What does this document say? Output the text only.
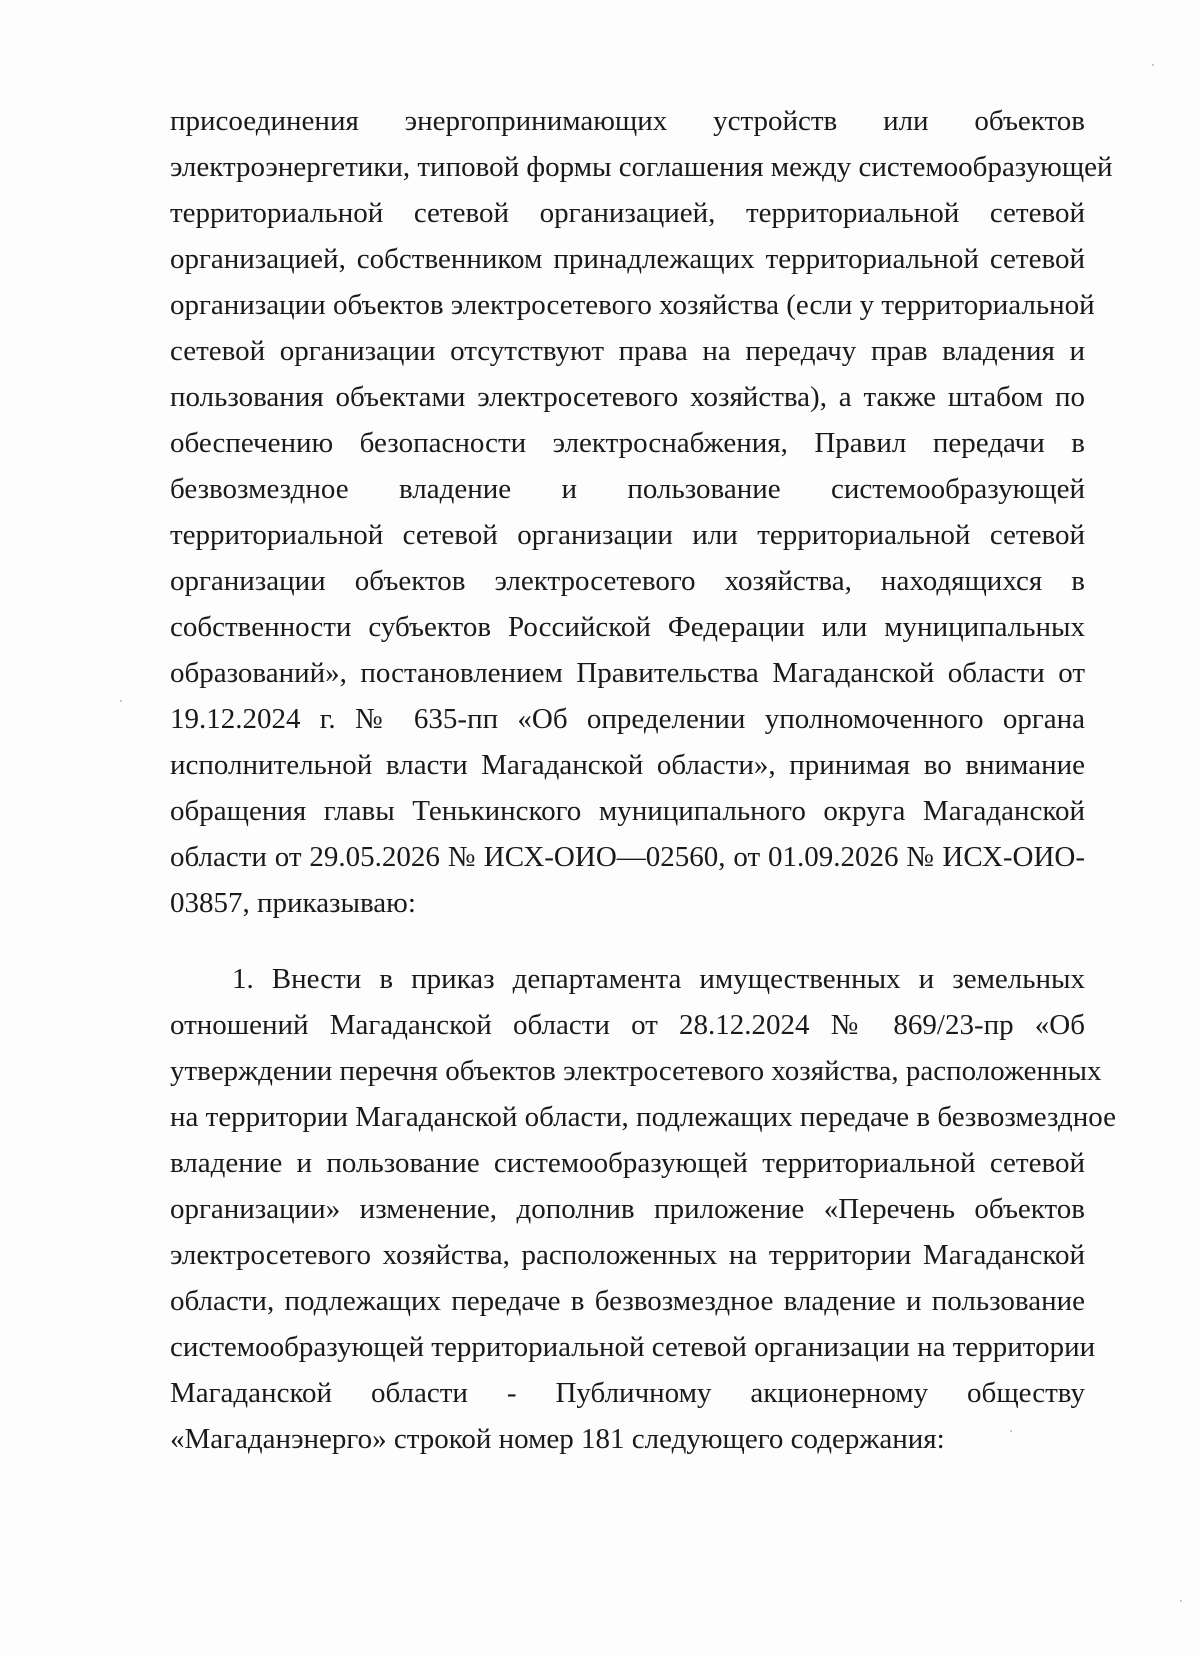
присоединения энергопринимающих устройств или объектов
электроэнергетики, типовой формы соглашения между системообразующей
территориальной сетевой организацией, территориальной сетевой
организацией, собственником принадлежащих территориальной сетевой
организации объектов электросетевого хозяйства (если у территориальной
сетевой организации отсутствуют права на передачу прав владения и
пользования объектами электросетевого хозяйства), а также штабом по
обеспечению безопасности электроснабжения, Правил передачи в
безвозмездное владение и пользование системообразующей
территориальной сетевой организации или территориальной сетевой
организации объектов электросетевого хозяйства, находящихся в
собственности субъектов Российской Федерации или муниципальных
образований», постановлением Правительства Магаданской области от
19.12.2024 г. № 635-пп «Об определении уполномоченного органа
исполнительной власти Магаданской области», принимая во внимание
обращения главы Тенькинского муниципального округа Магаданской
области от 29.05.2026 № ИСХ-ОИО—02560, от 01.09.2026 № ИСХ-ОИО-
03857, приказываю:
1. Внести в приказ департамента имущественных и земельных
отношений Магаданской области от 28.12.2024 № 869/23-пр «Об
утверждении перечня объектов электросетевого хозяйства, расположенных
на территории Магаданской области, подлежащих передаче в безвозмездное
владение и пользование системообразующей территориальной сетевой
организации» изменение, дополнив приложение «Перечень объектов
электросетевого хозяйства, расположенных на территории Магаданской
области, подлежащих передаче в безвозмездное владение и пользование
системообразующей территориальной сетевой организации на территории
Магаданской области - Публичному акционерному обществу
«Магаданэнерго» строкой номер 181 следующего содержания:
